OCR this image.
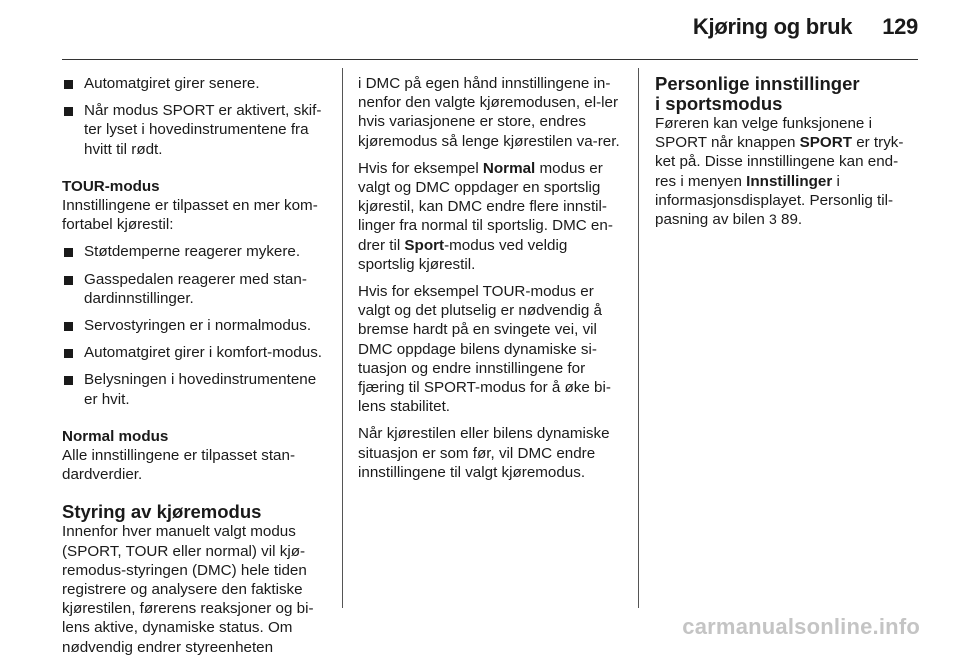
Kjøring og bruk 129
Automatgiret girer senere.
Når modus SPORT er aktivert, skif-ter lyset i hovedinstrumentene fra hvitt til rødt.

TOUR-modus

Innstillingene er tilpasset en mer kom-fortabel kjørestil:

Støtdemperne reagerer mykere.
Gasspedalen reagerer med stan-dardinnstillinger.
Servostyringen er i normalmodus.
Automatgiret girer i komfort-modus.
Belysningen i hovedinstrumentene er hvit.

Normal modus

Alle innstillingene er tilpasset stan-dardverdier.

Styring av kjøremodus

Innenfor hver manuelt valgt modus (SPORT, TOUR eller normal) vil kjø-remodus-styringen (DMC) hele tiden registrere og analysere den faktiske kjørestilen, førerens reaksjoner og bi-lens aktive, dynamiske status. Om nødvendig endrer styreenheten

i DMC på egen hånd innstillingene in-nenfor den valgte kjøremodusen, el-ler hvis variasjonene er store, endres kjøremodus så lenge kjørestilen va-rer.

Hvis for eksempel Normal modus er valgt og DMC oppdager en sportslig kjørestil, kan DMC endre flere innstil-linger fra normal til sportslig. DMC en-drer til Sport-modus ved veldig sportslig kjørestil.

Hvis for eksempel TOUR-modus er valgt og det plutselig er nødvendig å bremse hardt på en svingete vei, vil DMC oppdage bilens dynamiske si-tuasjon og endre innstillingene for fjæring til SPORT-modus for å øke bi-lens stabilitet.

Når kjørestilen eller bilens dynamiske situasjon er som før, vil DMC endre innstillingene til valgt kjøremodus.

Personlige innstillinger
i sportsmodus

Føreren kan velge funksjonene i SPORT når knappen SPORT er tryk-ket på. Disse innstillingene kan end-res i menyen Innstillinger i informasjonsdisplayet. Personlig til-pasning av bilen 3 89.

carmanualsonline.info
